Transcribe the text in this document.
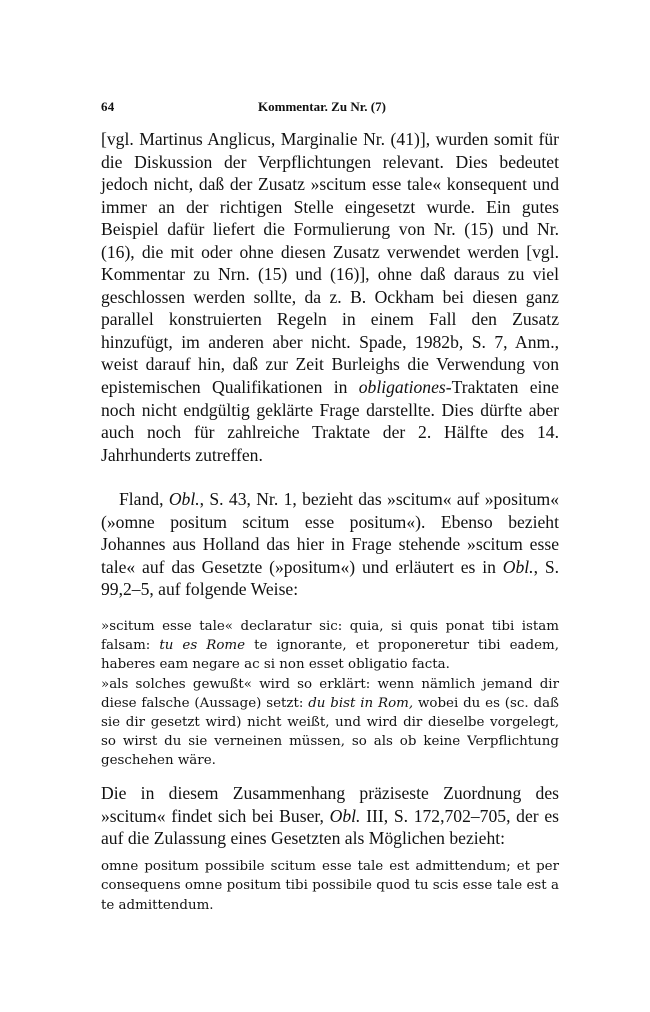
64	Kommentar. Zu Nr. (7)

[vgl. Martinus Anglicus, Marginalie Nr. (41)], wurden somit für die Diskussion der Verpflichtungen relevant. Dies bedeutet jedoch nicht, daß der Zusatz »scitum esse tale« konsequent und immer an der richtigen Stelle eingesetzt wurde. Ein gutes Beispiel dafür liefert die Formulierung von Nr. (15) und Nr. (16), die mit oder ohne diesen Zusatz verwendet werden [vgl. Kommentar zu Nrn. (15) und (16)], ohne daß daraus zu viel geschlossen werden sollte, da z. B. Ockham bei diesen ganz parallel konstruierten Regeln in einem Fall den Zusatz hinzufügt, im anderen aber nicht. Spade, 1982b, S. 7, Anm., weist darauf hin, daß zur Zeit Burleighs die Verwendung von epistemischen Qualifikationen in obligationes-Traktaten eine noch nicht endgültig geklärte Frage darstellte. Dies dürfte aber auch noch für zahlreiche Traktate der 2. Hälfte des 14. Jahrhunderts zutreffen.

Fland, Obl., S. 43, Nr. 1, bezieht das »scitum« auf »positum« (»omne positum scitum esse positum«). Ebenso bezieht Johannes aus Holland das hier in Frage stehende »scitum esse tale« auf das Gesetzte (»positum«) und erläutert es in Obl., S. 99,2–5, auf folgende Weise:

»scitum esse tale« declaratur sic: quia, si quis ponat tibi istam falsam: tu es Rome te ignorante, et proponeretur tibi eadem, haberes eam negare ac si non esset obligatio facta.

»als solches gewußt« wird so erklärt: wenn nämlich jemand dir diese falsche (Aussage) setzt: du bist in Rom, wobei du es (sc. daß sie dir gesetzt wird) nicht weißt, und wird dir dieselbe vorgelegt, so wirst du sie verneinen müssen, so als ob keine Verpflichtung geschehen wäre.

Die in diesem Zusammenhang präziseste Zuordnung des »scitum« findet sich bei Buser, Obl. III, S. 172,702–705, der es auf die Zulassung eines Gesetzten als Möglichen bezieht:

omne positum possibile scitum esse tale est admittendum; et per consequens omne positum tibi possibile quod tu scis esse tale est a te admittendum.
